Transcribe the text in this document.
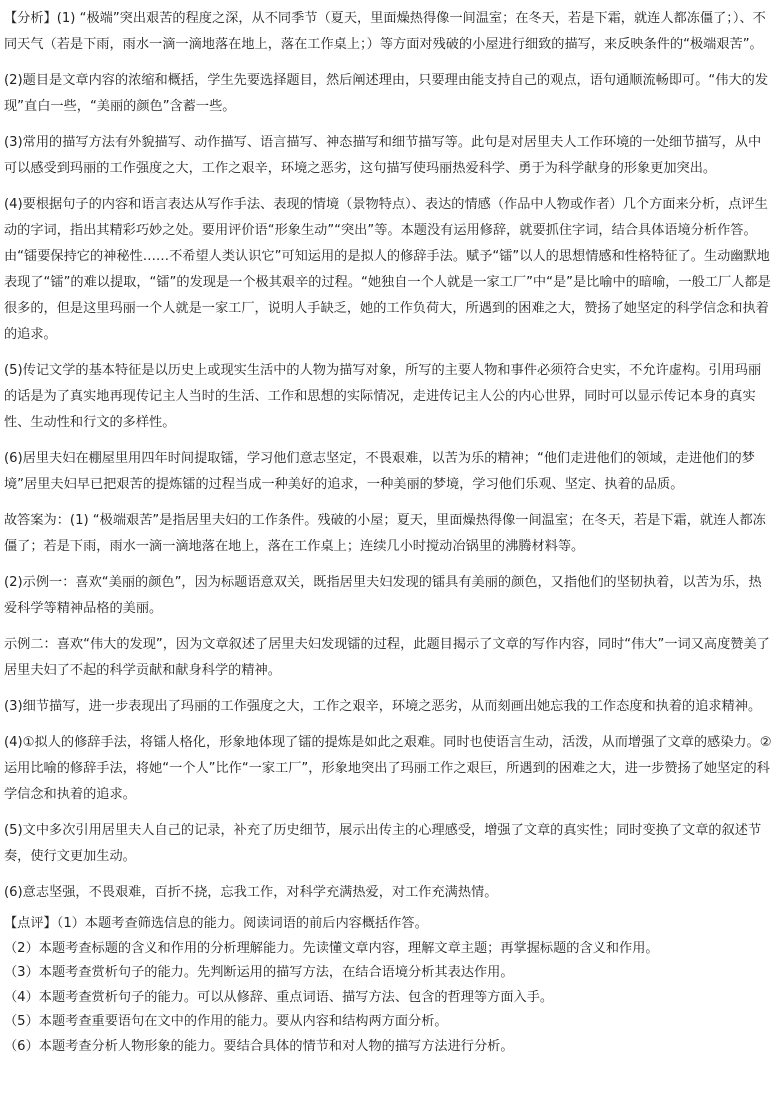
【分析】(1) “极端”突出艰苦的程度之深，从不同季节（夏天，里面燥热得像一间温室；在冬天，若是下霜，就连人都冻僵了；）、不同天气（若是下雨，雨水一滴一滴地落在地上，落在工作桌上；）等方面对残破的小屋进行细致的描写，来反映条件的“极端艰苦”。

(2)题目是文章内容的浓缩和概括，学生先要选择题目，然后阐述理由，只要理由能支持自己的观点，语句通顺流畅即可。“伟大的发现”直白一些，“美丽的颜色”含蓄一些。

(3)常用的描写方法有外貌描写、动作描写、语言描写、神态描写和细节描写等。此句是对居里夫人工作环境的一处细节描写，从中可以感受到玛丽的工作强度之大，工作之艰辛，环境之恶劣，这句描写使玛丽热爱科学、勇于为科学献身的形象更加突出。

(4)要根据句子的内容和语言表达从写作手法、表现的情境（景物特点）、表达的情感（作品中人物或作者）几个方面来分析，点评生动的字词，指出其精彩巧妙之处。要用评价语“形象生动”“突出”等。本题没有运用修辞，就要抓住字词，结合具体语境分析作答。由“镭要保持它的神秘性……不希望人类认识它”可知运用的是拟人的修辞手法。赋予“镭”以人的思想情感和性格特征了。生动幽默地表现了“镭”的难以提取，“镭”的发现是一个极其艰辛的过程。“她独自一个人就是一家工厂”中“是”是比喻中的暗喻，一般工厂人都是很多的，但是这里玛丽一个人就是一家工厂，说明人手缺乏，她的工作负荷大，所遇到的困难之大，赞扬了她坚定的科学信念和执着的追求。

(5)传记文学的基本特征是以历史上或现实生活中的人物为描写对象，所写的主要人物和事件必须符合史实，不允许虚构。引用玛丽的话是为了真实地再现传记主人当时的生活、工作和思想的实际情况，走进传记主人公的内心世界，同时可以显示传记本身的真实性、生动性和行文的多样性。

(6)居里夫妇在棚屋里用四年时间提取镭，学习他们意志坚定，不畏艰难，以苦为乐的精神；“他们走进他们的领域，走进他们的梦境”居里夫妇早已把艰苦的提炼镭的过程当成一种美好的追求，一种美丽的梦境，学习他们乐观、坚定、执着的品质。

故答案为：(1) “极端艰苦”是指居里夫妇的工作条件。残破的小屋；夏天，里面燥热得像一间温室；在冬天，若是下霜，就连人都冻僵了；若是下雨，雨水一滴一滴地落在地上，落在工作桌上；连续几小时搅动冶锅里的沸腾材料等。

(2)示例一：喜欢“美丽的颜色”，因为标题语意双关，既指居里夫妇发现的镭具有美丽的颜色，又指他们的坚韧执着，以苦为乐，热爱科学等精神品格的美丽。

示例二：喜欢“伟大的发现”，因为文章叙述了居里夫妇发现镭的过程，此题目揭示了文章的写作内容，同时“伟大”一词又高度赞美了居里夫妇了不起的科学贡献和献身科学的精神。

(3)细节描写，进一步表现出了玛丽的工作强度之大，工作之艰辛，环境之恶劣，从而刻画出她忘我的工作态度和执着的追求精神。

(4)①拟人的修辞手法，将镭人格化，形象地体现了镭的提炼是如此之艰难。同时也使语言生动，活泼，从而增强了文章的感染力。②运用比喻的修辞手法，将她“一个人”比作“一家工厂”，形象地突出了玛丽工作之艰巨，所遇到的困难之大，进一步赞扬了她坚定的科学信念和执着的追求。

(5)文中多次引用居里夫人自己的记录，补充了历史细节，展示出传主的心理感受，增强了文章的真实性；同时变换了文章的叙述节奏，使行文更加生动。

(6)意志坚强，不畏艰难，百折不挠，忘我工作，对科学充满热爱，对工作充满热情。

【点评】（1）本题考查筛选信息的能力。阅读词语的前后内容概括作答。

（2）本题考查标题的含义和作用的分析理解能力。先读懂文章内容，理解文章主题；再掌握标题的含义和作用。

（3）本题考查赏析句子的能力。先判断运用的描写方法，在结合语境分析其表达作用。

（4）本题考查赏析句子的能力。可以从修辞、重点词语、描写方法、包含的哲理等方面入手。

（5）本题考查重要语句在文中的作用的能力。要从内容和结构两方面分析。

（6）本题考查分析人物形象的能力。要结合具体的情节和对人物的描写方法进行分析。
